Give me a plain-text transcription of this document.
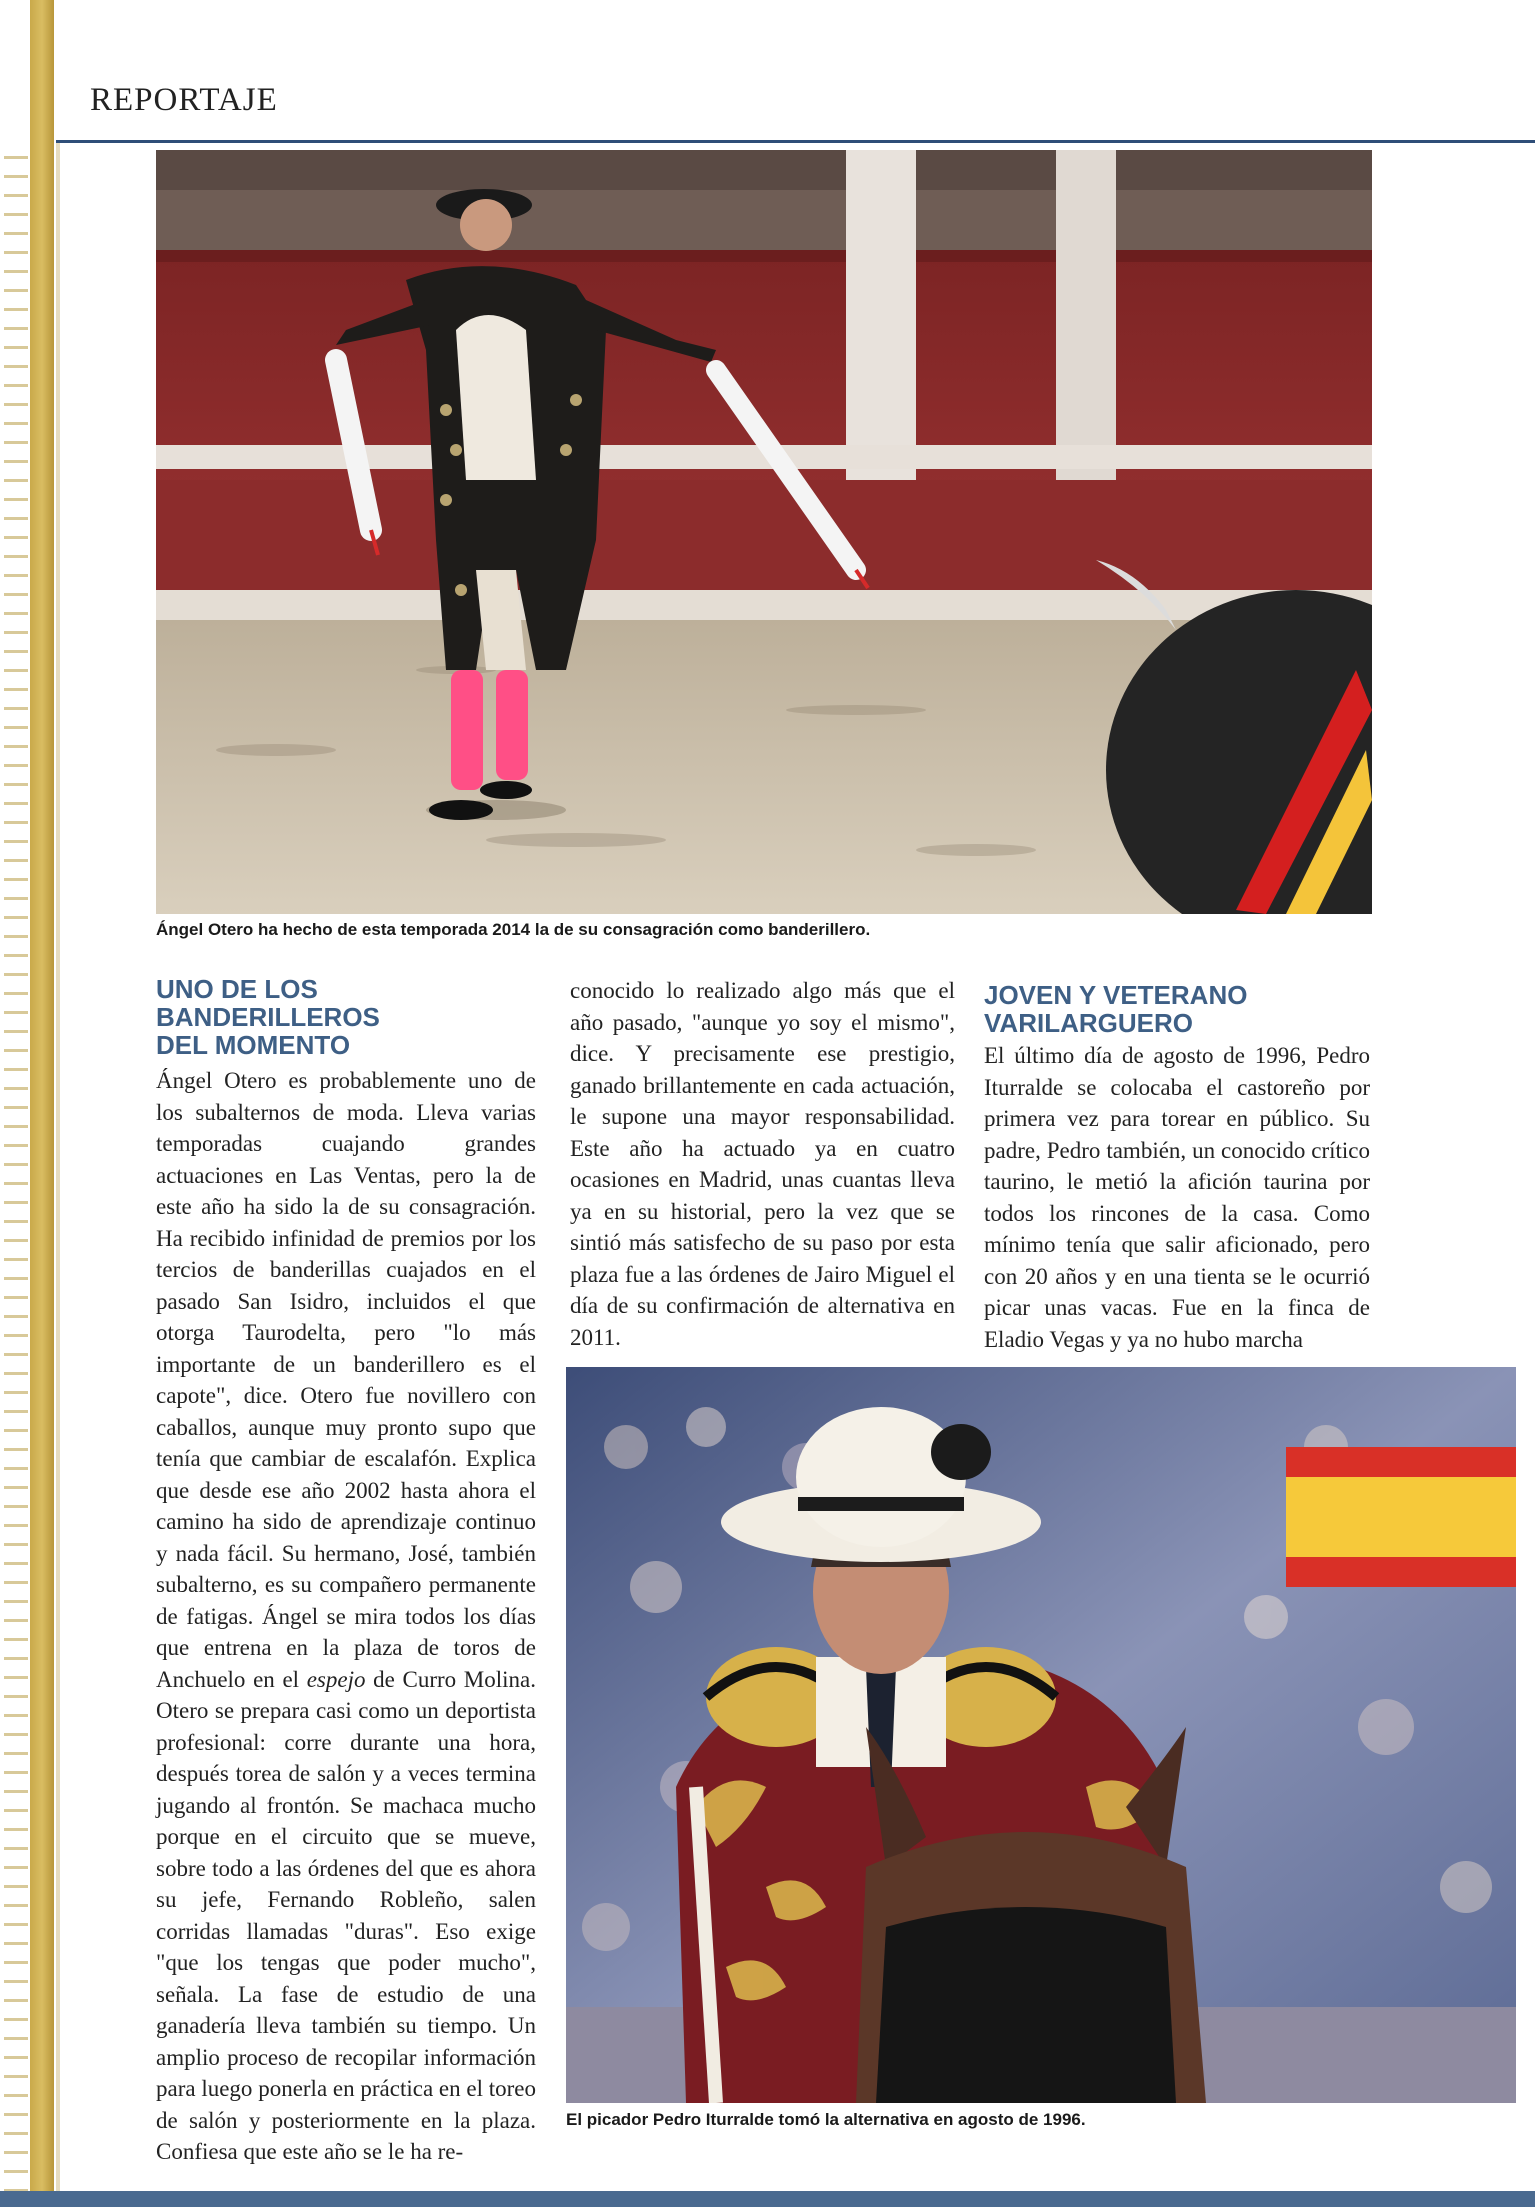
REPORTAJE
Ángel Otero ha hecho de esta temporada 2014 la de su consagración como banderillero.
UNO DE LOS
BANDERILLEROS
DEL MOMENTO

Ángel Otero es probablemente uno de los subalternos de moda. Lleva varias temporadas cuajando grandes actuaciones en Las Ventas, pero la de este año ha sido la de su consagración. Ha recibido infinidad de premios por los tercios de banderillas cuajados en el pasado San Isidro, incluidos el que otorga Taurodelta, pero "lo más importante de un banderillero es el capote", dice. Otero fue novillero con caballos, aunque muy pronto supo que tenía que cambiar de escalafón. Explica que desde ese año 2002 hasta ahora el camino ha sido de aprendizaje continuo y nada fácil. Su hermano, José, también subalterno, es su compañero permanente de fatigas. Ángel se mira todos los días que entrena en la plaza de toros de Anchuelo en el espejo de Curro Molina. Otero se prepara casi como un deportista profesional: corre durante una hora, después torea de salón y a veces termina jugando al frontón. Se machaca mucho porque en el circuito que se mueve, sobre todo a las órdenes del que es ahora su jefe, Fernando Robleño, salen corridas llamadas "duras". Eso exige "que los tengas que poder mucho", señala. La fase de estudio de una ganadería lleva también su tiempo. Un amplio proceso de recopilar información para luego ponerla en práctica en el toreo de salón y posteriormente en la plaza. Confiesa que este año se le ha re-

conocido lo realizado algo más que el año pasado, "aunque yo soy el mismo", dice. Y precisamente ese prestigio, ganado brillantemente en cada actuación, le supone una mayor responsabilidad. Este año ha actuado ya en cuatro ocasiones en Madrid, unas cuantas lleva ya en su historial, pero la vez que se sintió más satisfecho de su paso por esta plaza fue a las órdenes de Jairo Miguel el día de su confirmación de alternativa en 2011.

JOVEN Y VETERANO
VARILARGUERO

El último día de agosto de 1996, Pedro Iturralde se colocaba el castoreño por primera vez para torear en público. Su padre, Pedro también, un conocido crítico taurino, le metió la afición taurina por todos los rincones de la casa. Como mínimo tenía que salir aficionado, pero con 20 años y en una tienta se le ocurrió picar unas vacas. Fue en la finca de Eladio Vegas y ya no hubo marcha

El picador Pedro Iturralde tomó la alternativa en agosto de 1996.
